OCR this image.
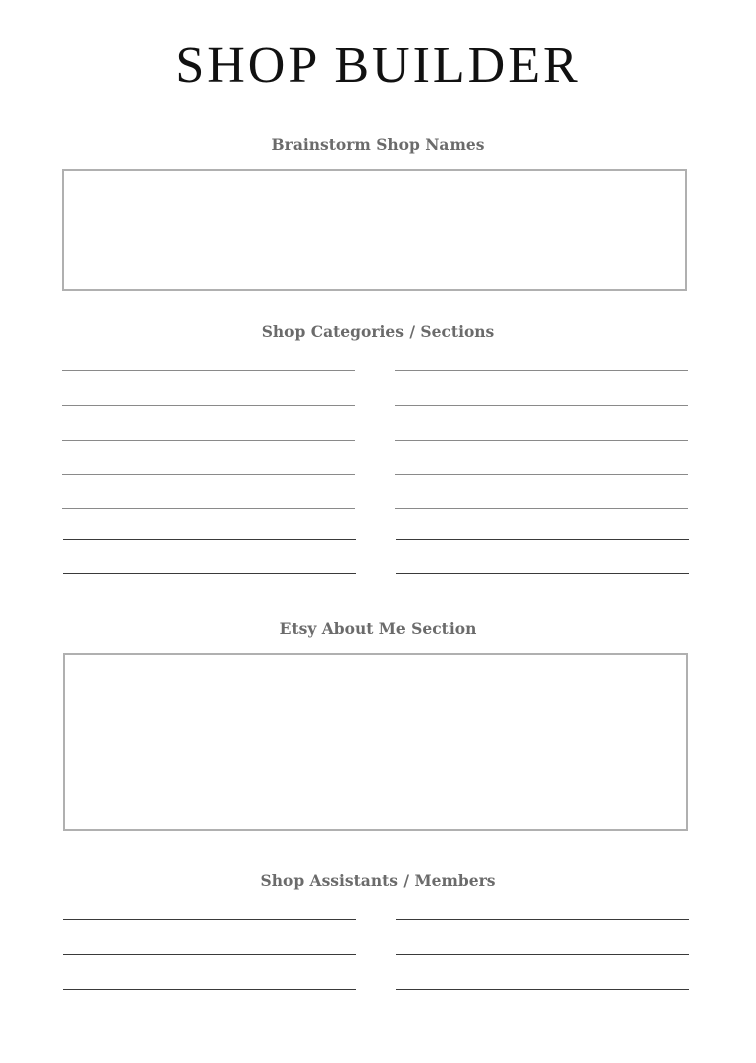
SHOP BUILDER
Brainstorm Shop Names
Shop Categories / Sections
Etsy About Me Section
Shop Assistants / Members
